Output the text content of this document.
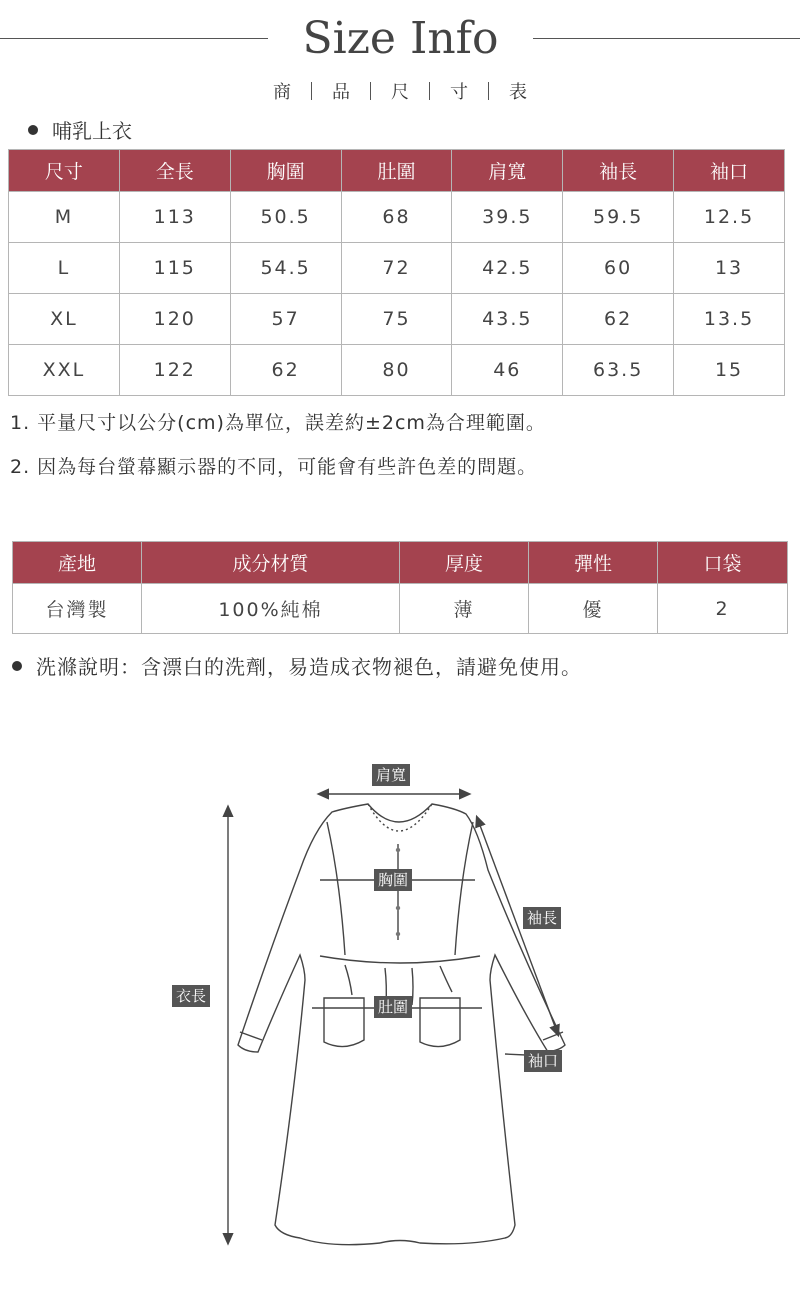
Size Info
商 品 尺 寸 表
哺乳上衣
尺寸	全長	胸圍	肚圍	肩寬	袖長	袖口
M	113	50.5	68	39.5	59.5	12.5
L	115	54.5	72	42.5	60	13
XL	120	57	75	43.5	62	13.5
XXL	122	62	80	46	63.5	15
1. 平量尺寸以公分(cm)為單位，誤差約±2cm為合理範圍。
2. 因為每台螢幕顯示器的不同，可能會有些許色差的問題。
產地	成分材質	厚度	彈性	口袋
台灣製	100%純棉	薄	優	2
洗滌說明：含漂白的洗劑，易造成衣物褪色，請避免使用。
肩寬
胸圍
袖長
衣長
肚圍
袖口
